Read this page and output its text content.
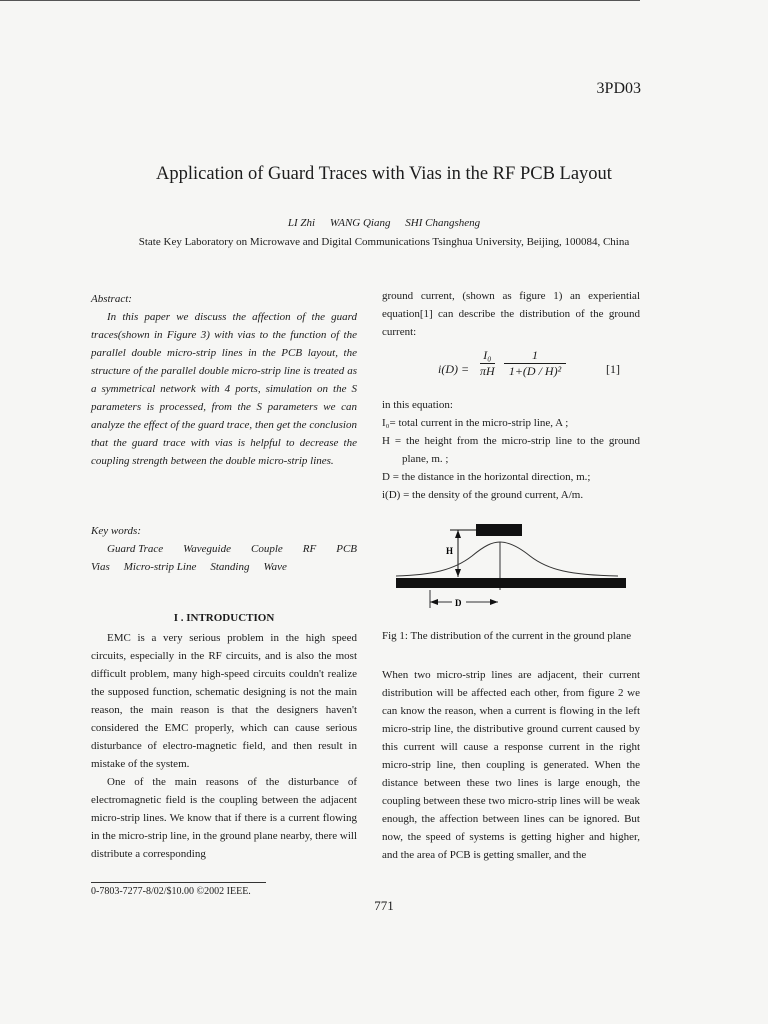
3PD03
Application of Guard Traces with Vias in the RF PCB Layout
LI Zhi WANG Qiang SHI Changsheng
State Key Laboratory on Microwave and Digital Communications Tsinghua University, Beijing, 100084, China
Abstract:

In this paper we discuss the affection of the guard traces(shown in Figure 3) with vias to the function of the parallel double micro-strip lines in the PCB layout, the structure of the parallel double micro-strip line is treated as a symmetrical network with 4 ports, simulation on the S parameters is processed, from the S parameters we can analyze the effect of the guard trace, then get the conclusion that the guard trace with vias is helpful to decrease the coupling strength between the double micro-strip lines.

Key words:
Guard Trace Waveguide Couple RF PCB
Vias Micro-strip Line Standing Wave
I . INTRODUCTION

EMC is a very serious problem in the high speed circuits, especially in the RF circuits, and is also the most difficult problem, many high-speed circuits couldn't realize the supposed function, schematic designing is not the main reason, the main reason is that the designers haven't considered the EMC properly, which can cause serious disturbance of electro-magnetic field, and then result in mistake of the system.

One of the main reasons of the disturbance of electromagnetic field is the coupling between the adjacent micro-strip lines. We know that if there is a current flowing in the micro-strip line, in the ground plane nearby, there will distribute a corresponding

ground current, (shown as figure 1) an experiential equation[1] can describe the distribution of the ground current:
$i(D) = \frac{\text{I₀}}{\pi H} \frac{1}{\text{1+(D / H)²}}$	[1]
in this equation:
I₀= total current in the micro-strip line, A ;
H = the height from the micro-strip line to the ground plane, m. ;
D = the distance in the horizontal direction, m.;
i(D) = the density of the ground current, A/m.
H
D
Fig 1: The distribution of the current in the ground plane
When two micro-strip lines are adjacent, their current distribution will be affected each other, from figure 2 we can know the reason, when a current is flowing in the left micro-strip line, the distributive ground current caused by this current will cause a response current in the right micro-strip line, then coupling is generated. When the distance between these two lines is large enough, the coupling between these two micro-strip lines will be weak enough, the affection between lines can be ignored. But now, the speed of systems is getting higher and higher, and the area of PCB is getting smaller, and the
0-7803-7277-8/02/$10.00 ©2002 IEEE.
771
